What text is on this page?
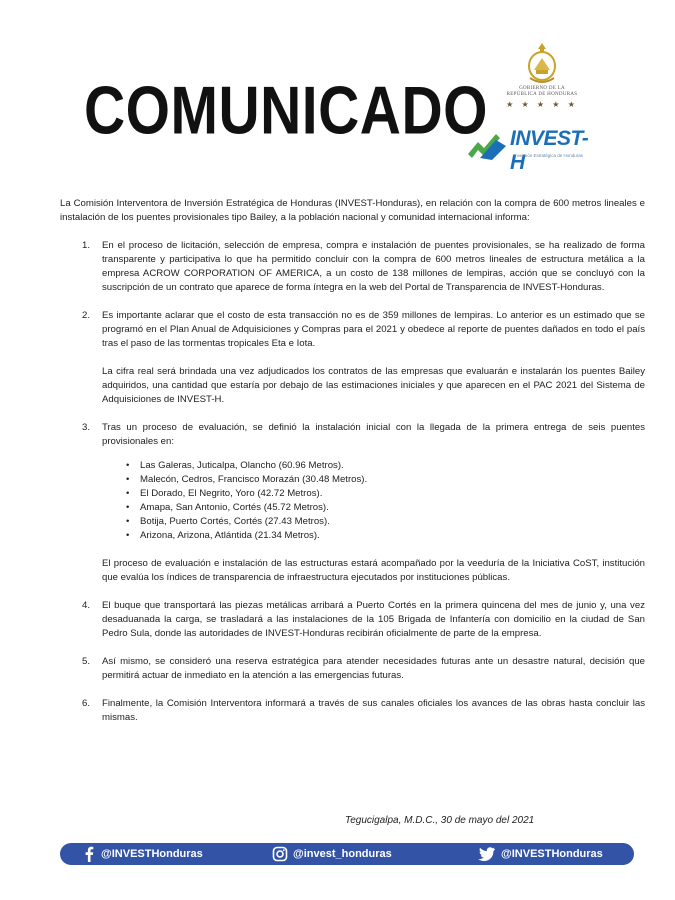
COMUNICADO	GOBIERNO DE LA
REPÚBLICA DE HONDURAS
★ ★ ★ ★ ★
INVEST-H
Inversión Estratégica de Honduras

La Comisión Interventora de Inversión Estratégica de Honduras (INVEST-Honduras), en relación con la compra de 600 metros lineales e instalación de los puentes provisionales tipo Bailey, a la población nacional y comunidad internacional informa:

1. En el proceso de licitación, selección de empresa, compra e instalación de puentes provisionales, se ha realizado de forma transparente y participativa lo que ha permitido concluir con la compra de 600 metros lineales de estructura metálica a la empresa ACROW CORPORATION OF AMERICA, a un costo de 138 millones de lempiras, acción que se concluyó con la suscripción de un contrato que aparece de forma íntegra en la web del Portal de Transparencia de INVEST-Honduras.

2. Es importante aclarar que el costo de esta transacción no es de 359 millones de lempiras. Lo anterior es un estimado que se programó en el Plan Anual de Adquisiciones y Compras para el 2021 y obedece al reporte de puentes dañados en todo el país tras el paso de las tormentas tropicales Eta e Iota.

La cifra real será brindada una vez adjudicados los contratos de las empresas que evaluarán e instalarán los puentes Bailey adquiridos, una cantidad que estaría por debajo de las estimaciones iniciales y que aparecen en el PAC 2021 del Sistema de Adquisiciones de INVEST-H.

3. Tras un proceso de evaluación, se definió la instalación inicial con la llegada de la primera entrega de seis puentes provisionales en:

• Las Galeras, Juticalpa, Olancho (60.96 Metros).
• Malecón, Cedros, Francisco Morazán (30.48 Metros).
• El Dorado, El Negrito, Yoro (42.72 Metros).
• Amapa, San Antonio, Cortés (45.72 Metros).
• Botija, Puerto Cortés, Cortés (27.43 Metros).
• Arizona, Arizona, Atlántida (21.34 Metros).

El proceso de evaluación e instalación de las estructuras estará acompañado por la veeduría de la Iniciativa CoST, institución que evalúa los índices de transparencia de infraestructura ejecutados por instituciones públicas.

4. El buque que transportará las piezas metálicas arribará a Puerto Cortés en la primera quincena del mes de junio y, una vez desaduanada la carga, se trasladará a las instalaciones de la 105 Brigada de Infantería con domicilio en la ciudad de San Pedro Sula, donde las autoridades de INVEST-Honduras recibirán oficialmente de parte de la empresa.

5. Así mismo, se consideró una reserva estratégica para atender necesidades futuras ante un desastre natural, decisión que permitirá actuar de inmediato en la atención a las emergencias futuras.

6. Finalmente, la Comisión Interventora informará a través de sus canales oficiales los avances de las obras hasta concluir las mismas.

Tegucigalpa, M.D.C., 30 de mayo del 2021
@INVESTHonduras	@invest_honduras	@INVESTHonduras
